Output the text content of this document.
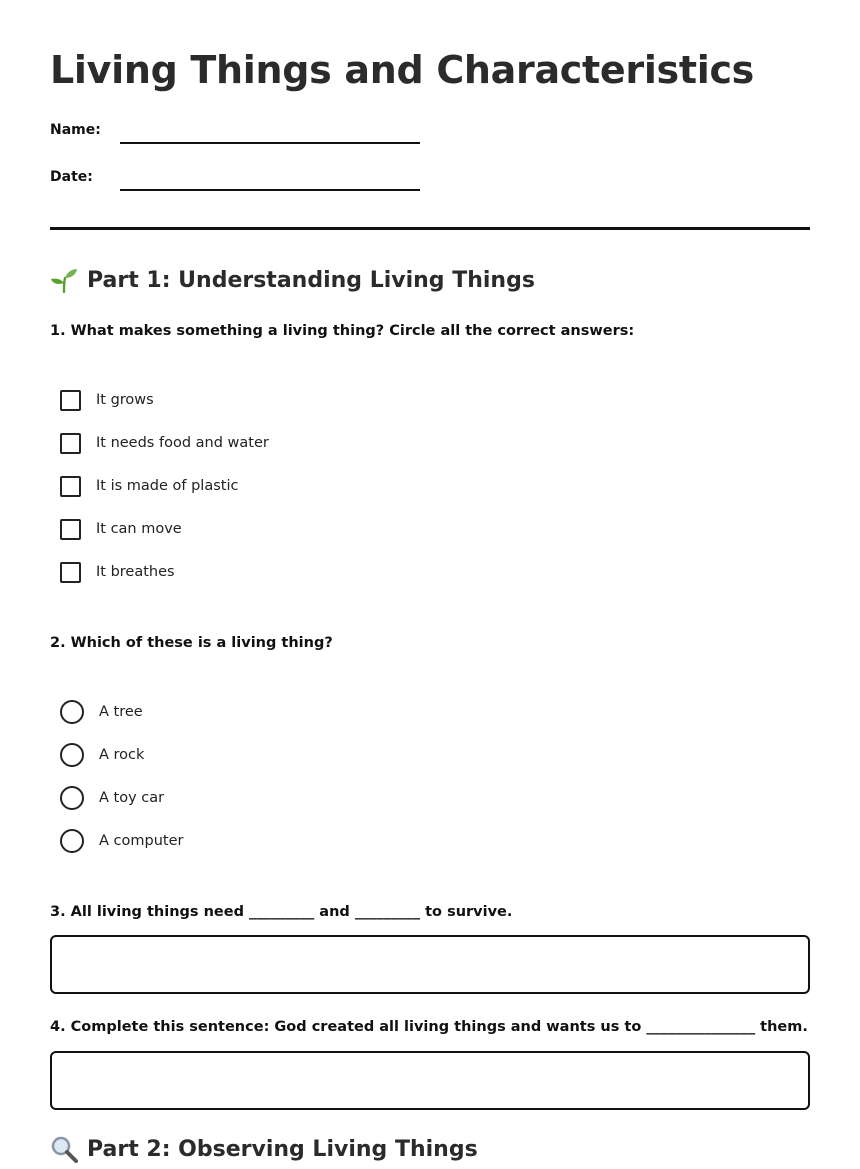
Living Things and Characteristics
Name:
Date:
Part 1: Understanding Living Things
1. What makes something a living thing? Circle all the correct answers:
It grows
It needs food and water
It is made of plastic
It can move
It breathes
2. Which of these is a living thing?
A tree
A rock
A toy car
A computer
3. All living things need _________ and _________ to survive.
4. Complete this sentence: God created all living things and wants us to _______________ them.
Part 2: Observing Living Things
